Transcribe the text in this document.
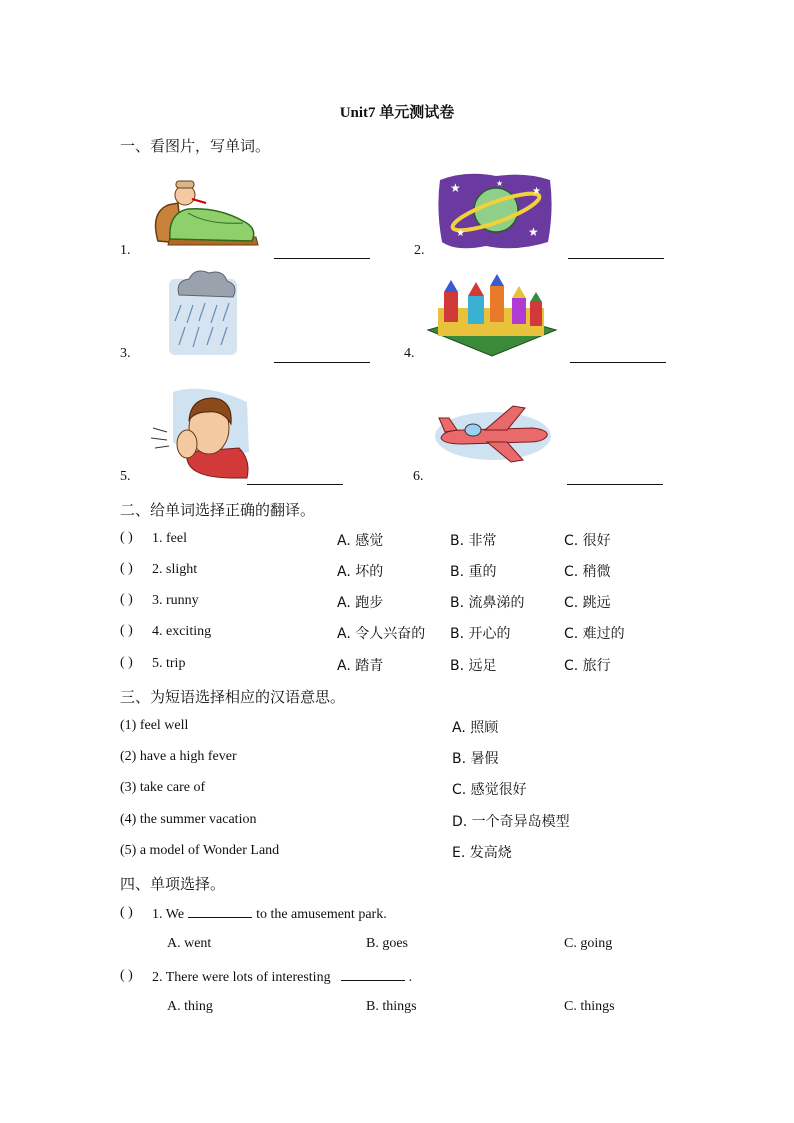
Unit7 单元测试卷
一、看图片，写单词。
1.
★	★
★	★
★
2.
3.	4.
5.	6.
二、给单词选择正确的翻译。
( ) 1. feel	A. 感觉	B. 非常	C. 很好
( ) 2. slight	A. 坏的	B. 重的	C. 稍微
( ) 3. runny	A. 跑步	B. 流鼻涕的	C. 跳远
( ) 4. exciting	A. 令人兴奋的 B. 开心的	C. 难过的
( ) 5. trip	A. 踏青	B. 远足	C. 旅行
三、为短语选择相应的汉语意思。
(1) feel well	A. 照顾
(2) have a high fever	B. 暑假
(3) take care of	C. 感觉很好
(4) the summer vacation	D. 一个奇异岛模型
(5) a model of Wonder Land	E. 发高烧
四、单项选择。
( ) 1. We	to the amusement park.
A. went	B. goes	C. going
( ) 2. There were lots of interesting	.
A. thing	B. things	C. things
